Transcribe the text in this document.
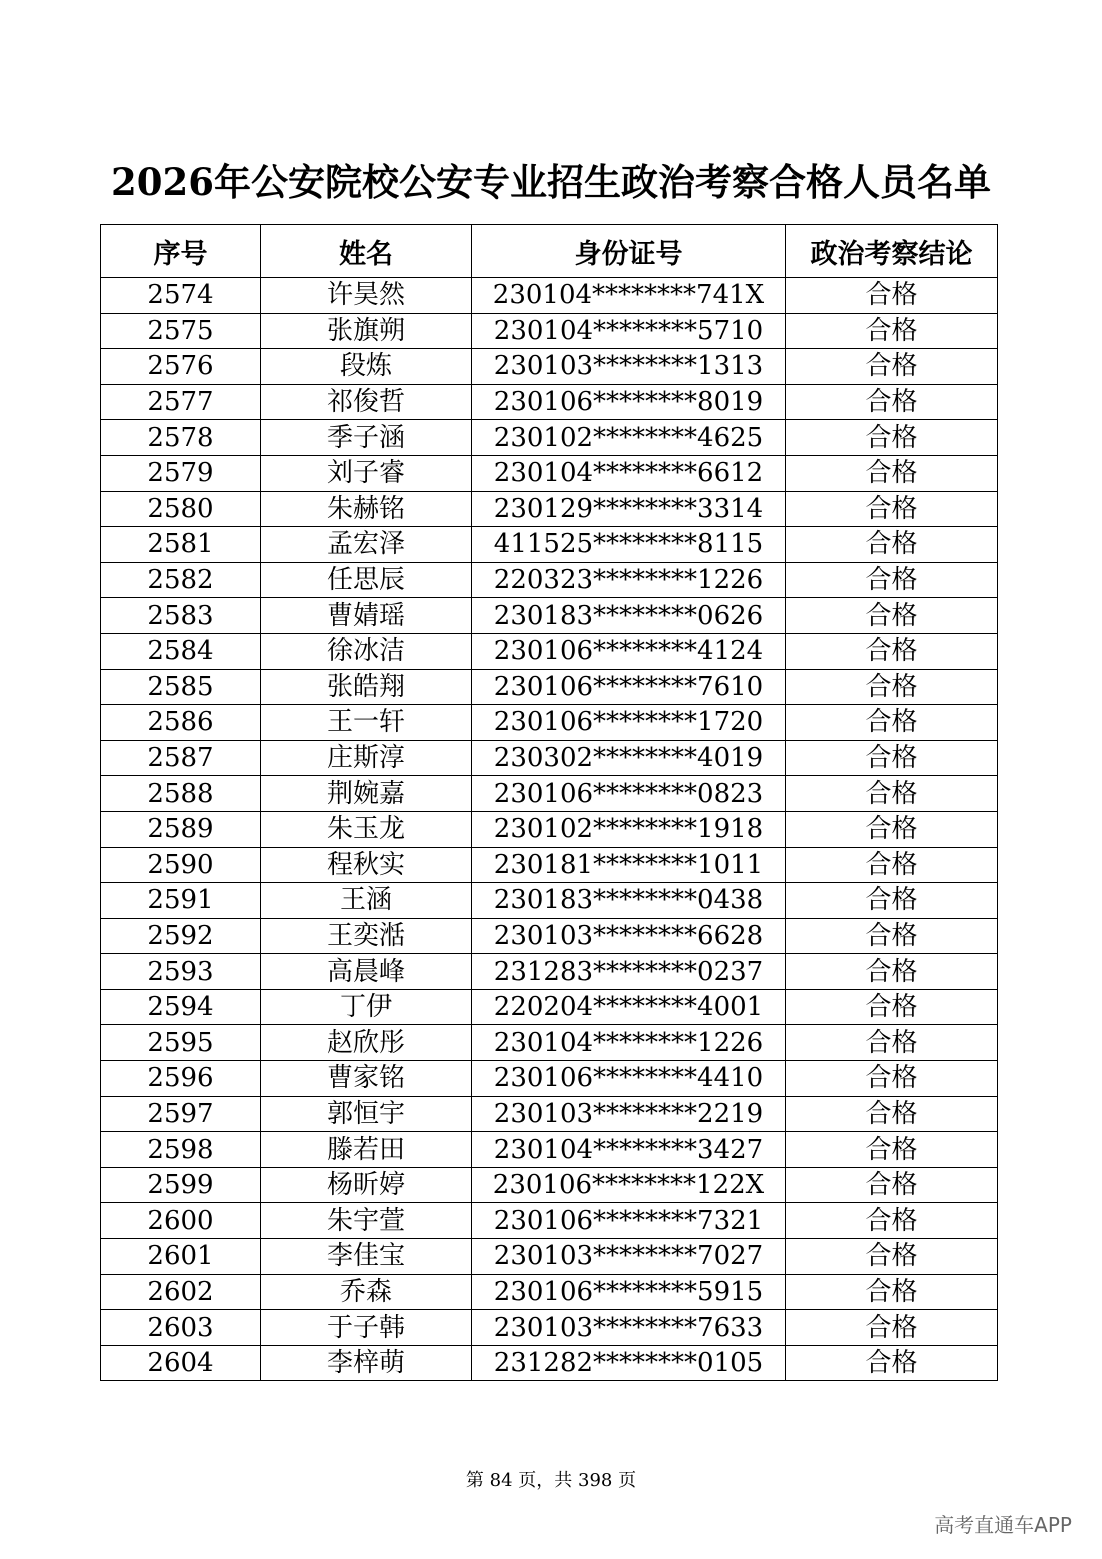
2026年公安院校公安专业招生政治考察合格人员名单
序号	姓名	身份证号	政治考察结论
2574	许昊然	230104********741X	合格
2575	张旗朔	230104********5710	合格
2576	段炼	230103********1313	合格
2577	祁俊哲	230106********8019	合格
2578	季子涵	230102********4625	合格
2579	刘子睿	230104********6612	合格
2580	朱赫铭	230129********3314	合格
2581	孟宏泽	411525********8115	合格
2582	任思辰	220323********1226	合格
2583	曹婧瑶	230183********0626	合格
2584	徐冰洁	230106********4124	合格
2585	张皓翔	230106********7610	合格
2586	王一轩	230106********1720	合格
2587	庄斯淳	230302********4019	合格
2588	荆婉嘉	230106********0823	合格
2589	朱玉龙	230102********1918	合格
2590	程秋实	230181********1011	合格
2591	王涵	230183********0438	合格
2592	王奕湉	230103********6628	合格
2593	高晨峰	231283********0237	合格
2594	丁伊	220204********4001	合格
2595	赵欣彤	230104********1226	合格
2596	曹家铭	230106********4410	合格
2597	郭恒宇	230103********2219	合格
2598	滕若田	230104********3427	合格
2599	杨昕婷	230106********122X	合格
2600	朱宇萱	230106********7321	合格
2601	李佳宝	230103********7027	合格
2602	乔森	230106********5915	合格
2603	于子韩	230103********7633	合格
2604	李梓萌	231282********0105	合格
第 84 页，共 398 页
高考直通车APP
